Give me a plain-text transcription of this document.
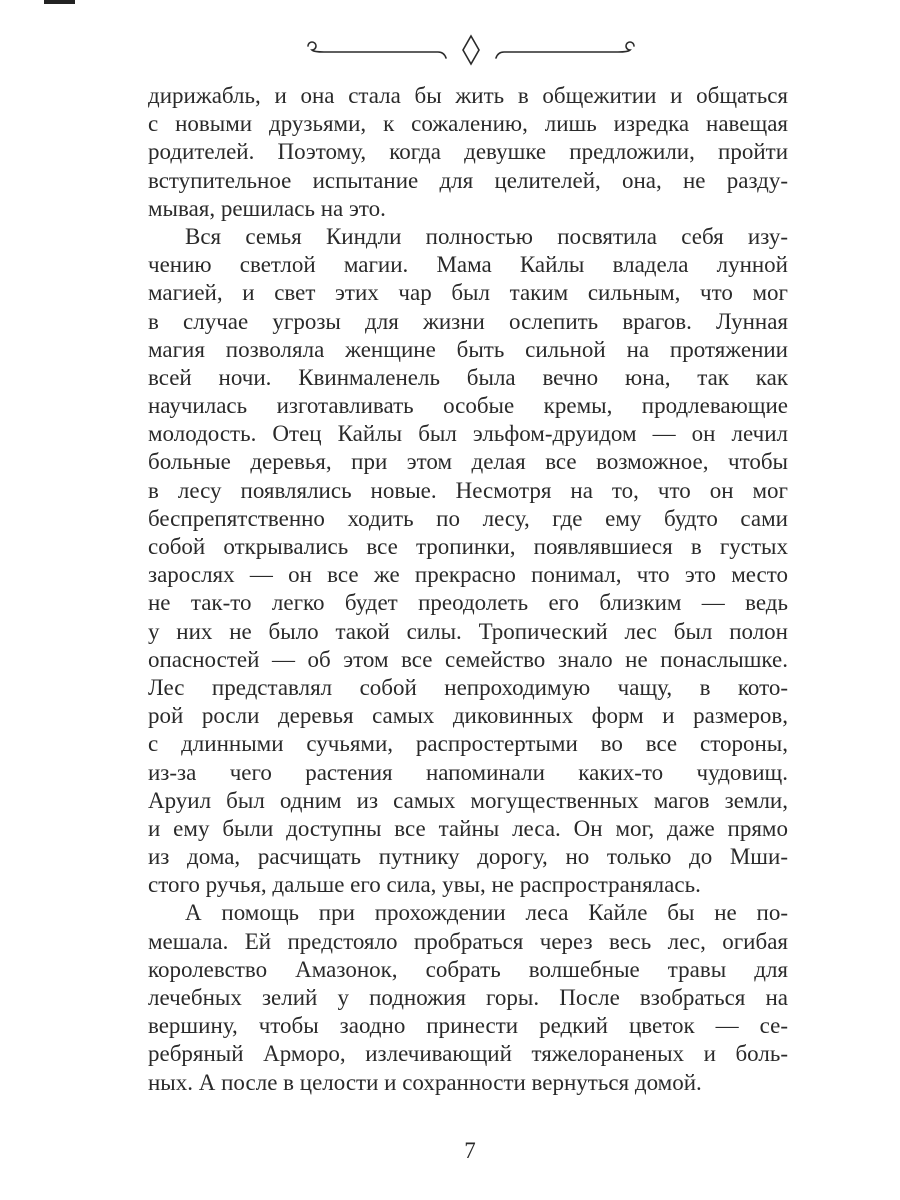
дирижабль, и она стала бы жить в общежитии и общаться
с новыми друзьями, к сожалению, лишь изредка навещая
родителей. Поэтому, когда девушке предложили, пройти
вступительное испытание для целителей, она, не разду-
мывая, решилась на это.
Вся семья Киндли полностью посвятила себя изу-
чению светлой магии. Мама Кайлы владела лунной
магией, и свет этих чар был таким сильным, что мог
в случае угрозы для жизни ослепить врагов. Лунная
магия позволяла женщине быть сильной на протяжении
всей ночи. Квинмаленель была вечно юна, так как
научилась изготавливать особые кремы, продлевающие
молодость. Отец Кайлы был эльфом-друидом — он лечил
больные деревья, при этом делая все возможное, чтобы
в лесу появлялись новые. Несмотря на то, что он мог
беспрепятственно ходить по лесу, где ему будто сами
собой открывались все тропинки, появлявшиеся в густых
зарослях — он все же прекрасно понимал, что это место
не так-то легко будет преодолеть его близким — ведь
у них не было такой силы. Тропический лес был полон
опасностей — об этом все семейство знало не понаслышке.
Лес представлял собой непроходимую чащу, в кото-
рой росли деревья самых диковинных форм и размеров,
с длинными сучьями, распростертыми во все стороны,
из-за чего растения напоминали каких-то чудовищ.
Аруил был одним из самых могущественных магов земли,
и ему были доступны все тайны леса. Он мог, даже прямо
из дома, расчищать путнику дорогу, но только до Мши-
стого ручья, дальше его сила, увы, не распространялась.
А помощь при прохождении леса Кайле бы не по-
мешала. Ей предстояло пробраться через весь лес, огибая
королевство Амазонок, собрать волшебные травы для
лечебных зелий у подножия горы. После взобраться на
вершину, чтобы заодно принести редкий цветок — се-
ребряный Арморо, излечивающий тяжелораненых и боль-
ных. А после в целости и сохранности вернуться домой.
7
